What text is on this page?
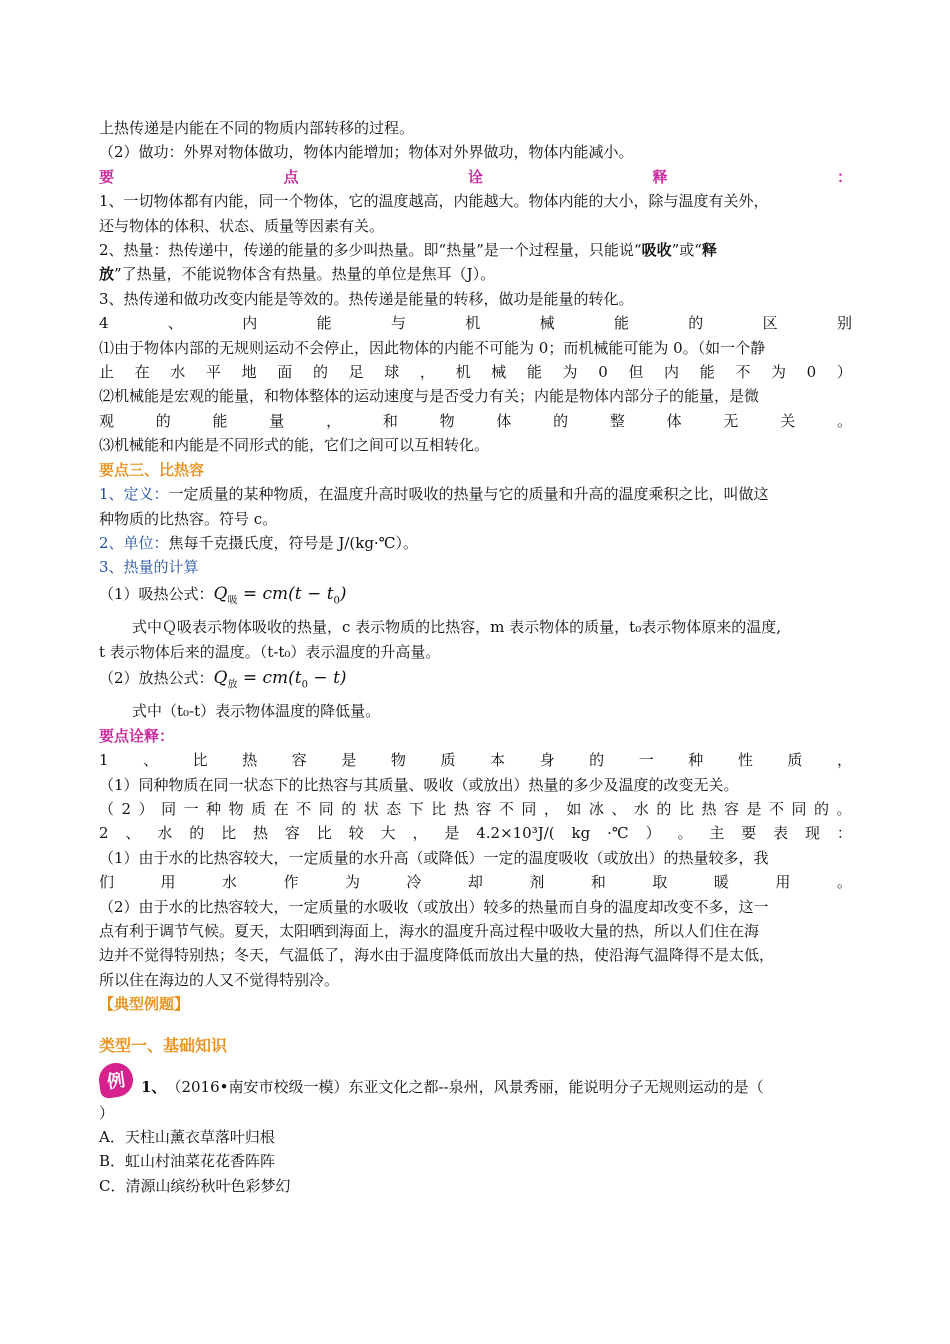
上热传递是内能在不同的物质内部转移的过程。
（2）做功：外界对物体做功，物体内能增加；物体对外界做功，物体内能减小。
要	点	诠	释	：
1、一切物体都有内能，同一个物体，它的温度越高，内能越大。物体内能的大小，除与温度有关外，
还与物体的体积、状态、质量等因素有关。
2、热量：热传递中，传递的能量的多少叫热量。即“热量”是一个过程量，只能说“吸收”或“释
放”了热量，不能说物体含有热量。热量的单位是焦耳（J）。
3、热传递和做功改变内能是等效的。热传递是能量的转移，做功是能量的转化。
4	、	内	能	与	机	械	能	的	区	别
⑴由于物体内部的无规则运动不会停止，因此物体的内能不可能为 0；而机械能可能为 0。（如一个静
止 在 水 平 地 面 的 足 球 ， 机 械 能 为 0 但 内 能 不 为 0 ）
⑵机械能是宏观的能量，和物体整体的运动速度与是否受力有关；内能是物体内部分子的能量，是微
观	的	能	量	，	和	物	体	的	整	体	无	关	。
⑶机械能和内能是不同形式的能，它们之间可以互相转化。
要点三、比热容
1、定义：一定质量的某种物质，在温度升高时吸收的热量与它的质量和升高的温度乘积之比，叫做这
种物质的比热容。符号 c。
2、单位：焦每千克摄氏度，符号是 J/(kg·℃）。
3、热量的计算
（1）吸热公式：$Q_吸 = cm(t - t_0)$
式中Ｑ吸表示物体吸收的热量，c 表示物质的比热容，m 表示物体的质量，t₀表示物体原来的温度,
t 表示物体后来的温度。（t-t₀）表示温度的升高量。
（2）放热公式：$Q_放 = cm(t_0 - t)$
式中（t₀-t）表示物体温度的降低量。
要点诠释：
1 、 比 热 容 是 物 质 本 身 的 一 种 性 质 ，
（1）同种物质在同一状态下的比热容与其质量、吸收（或放出）热量的多少及温度的改变无关。
（ 2 ） 同 一 种 物 质 在 不 同 的 状 态 下 比 热 容 不 同 ， 如 冰 、 水 的 比 热 容 是 不 同 的 。
2 、 水 的 比 热 容 比 较 大 ， 是 4.2×10³J/( kg ·℃ ） 。 主 要 表 现 ：
（1）由于水的比热容较大，一定质量的水升高（或降低）一定的温度吸收（或放出）的热量较多，我
们	用	水	作	为	冷	却	剂	和	取	暖	用	。
（2）由于水的比热容较大，一定质量的水吸收（或放出）较多的热量而自身的温度却改变不多，这一
点有利于调节气候。夏天，太阳晒到海面上，海水的温度升高过程中吸收大量的热，所以人们住在海
边并不觉得特别热；冬天，气温低了，海水由于温度降低而放出大量的热，使沿海气温降得不是太低，
所以住在海边的人又不觉得特别冷。
【典型例题】
类型一、基础知识
例 1、 （2016•南安市校级一模）东亚文化之都--泉州，风景秀丽，能说明分子无规则运动的是（
）
A．天柱山薰衣草落叶归根
B．虹山村油菜花花香阵阵
C．清源山缤纷秋叶色彩梦幻
